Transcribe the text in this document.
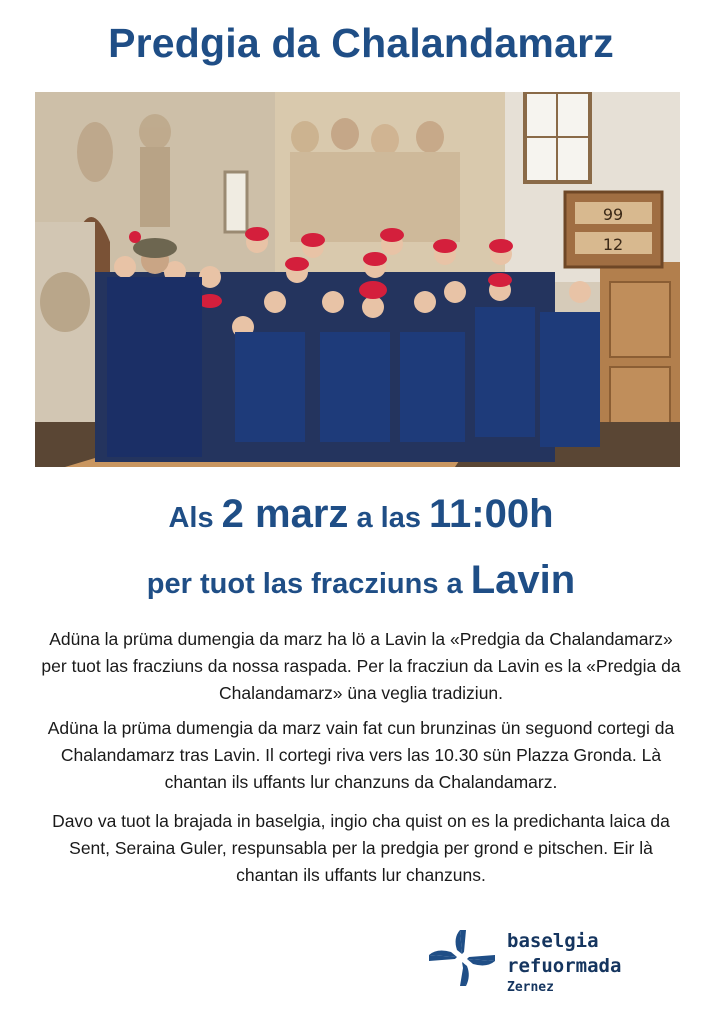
Predgia da Chalandamarz
99
12
Als 2 marz a las 11:00h
per tuot las fracziuns a Lavin
Adüna la prüma dumengia da marz ha lö a Lavin la «Predgia da Chalandamarz» per tuot las fracziuns da nossa raspada. Per la fracziun da Lavin es la «Predgia da Chalandamarz» üna veglia tradiziun.
Adüna la prüma dumengia da marz vain fat cun brunzinas ün seguond cortegi da Chalandamarz tras Lavin. Il cortegi riva vers las 10.30 sün Plazza Gronda. Là chantan ils uffants lur chanzuns da Chalandamarz.
Davo va tuot la brajada in baselgia, ingio cha quist on es la predichanta laica da Sent, Seraina Guler, respunsabla per la predgia per grond e pitschen. Eir là chantan ils uffants lur chanzuns.
baselgia
refuormada
Zernez
